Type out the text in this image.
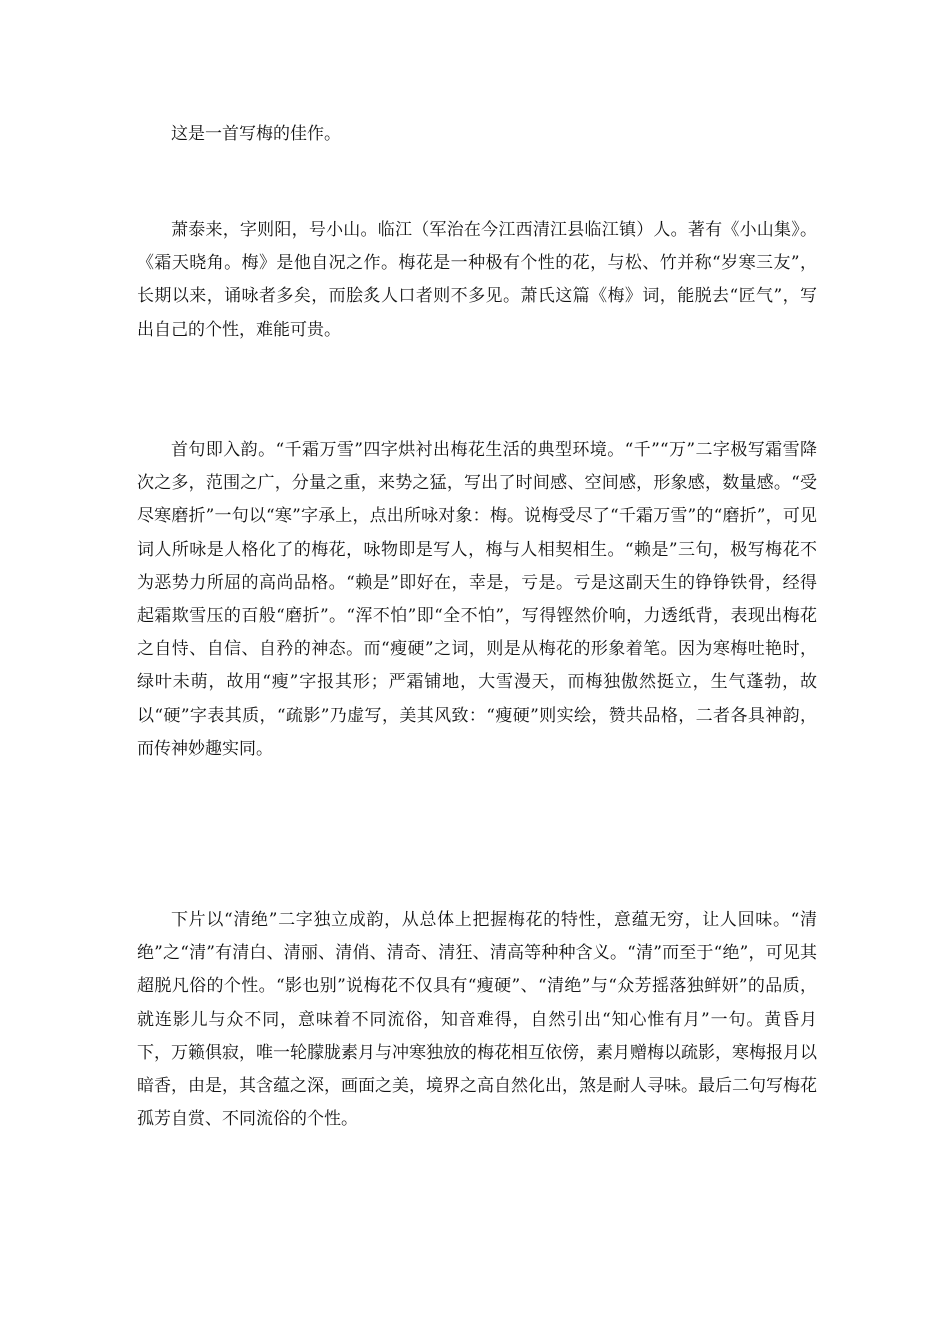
这是一首写梅的佳作。

萧泰来，字则阳，号小山。临江（军治在今江西清江县临江镇）人。著有《小山集》。《霜天晓角。梅》是他自况之作。梅花是一种极有个性的花，与松、竹并称“岁寒三友”，长期以来，诵咏者多矣，而脍炙人口者则不多见。萧氏这篇《梅》词，能脱去“匠气”，写出自己的个性，难能可贵。

首句即入韵。“千霜万雪”四字烘衬出梅花生活的典型环境。“千”“万”二字极写霜雪降次之多，范围之广，分量之重，来势之猛，写出了时间感、空间感，形象感，数量感。“受尽寒磨折”一句以“寒”字承上，点出所咏对象：梅。说梅受尽了“千霜万雪”的“磨折”，可见词人所咏是人格化了的梅花，咏物即是写人，梅与人相契相生。“赖是”三句，极写梅花不为恶势力所屈的高尚品格。“赖是”即好在，幸是，亏是。亏是这副天生的铮铮铁骨，经得起霜欺雪压的百般“磨折”。“浑不怕”即“全不怕”，写得铿然价响，力透纸背，表现出梅花之自恃、自信、自矜的神态。而“瘦硬”之词，则是从梅花的形象着笔。因为寒梅吐艳时，绿叶未萌，故用“瘦”字报其形；严霜铺地，大雪漫天，而梅独傲然挺立，生气蓬勃，故以“硬”字表其质，“疏影”乃虚写，美其风致：“瘦硬”则实绘，赞共品格，二者各具神韵，而传神妙趣实同。

下片以“清绝”二字独立成韵，从总体上把握梅花的特性，意蕴无穷，让人回味。“清绝”之“清”有清白、清丽、清俏、清奇、清狂、清高等种种含义。“清”而至于“绝”，可见其超脱凡俗的个性。“影也别”说梅花不仅具有“瘦硬”、“清绝”与“众芳摇落独鲜妍”的品质，就连影儿与众不同，意味着不同流俗，知音难得，自然引出“知心惟有月”一句。黄昏月下，万籁俱寂，唯一轮朦胧素月与冲寒独放的梅花相互依傍，素月赠梅以疏影，寒梅报月以暗香，由是，其含蕴之深，画面之美，境界之高自然化出，煞是耐人寻味。最后二句写梅花孤芳自赏、不同流俗的个性。
